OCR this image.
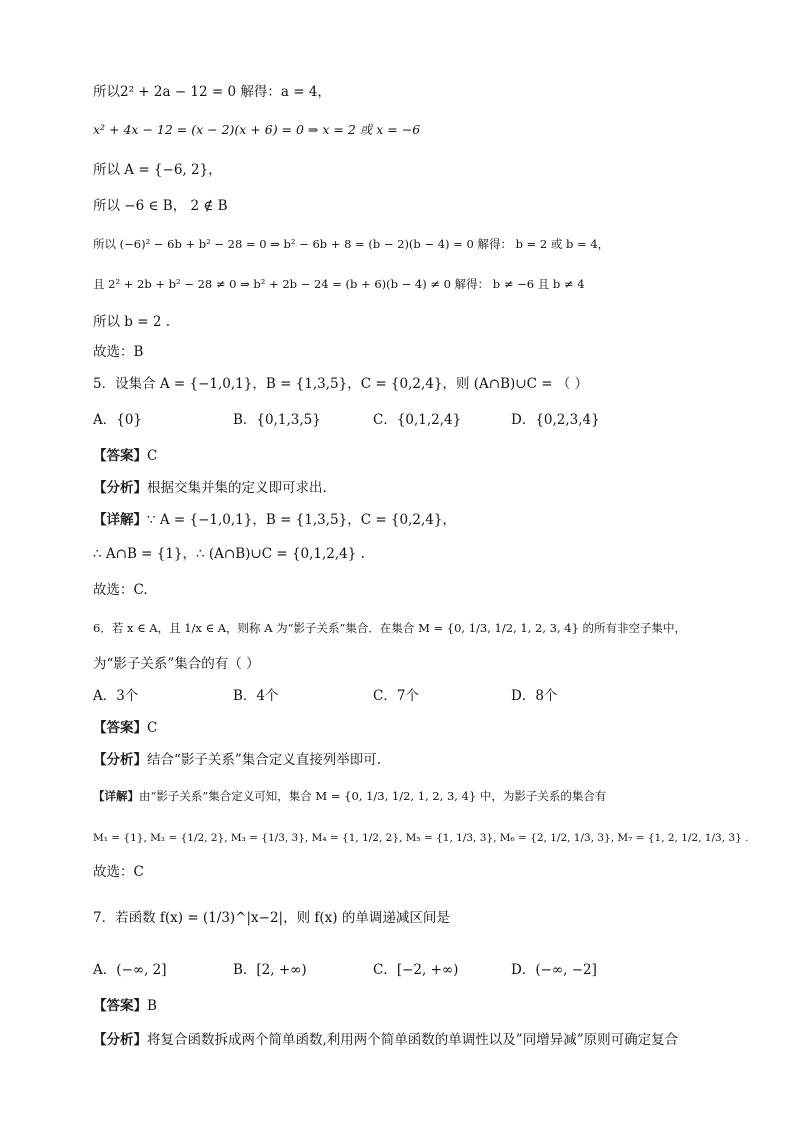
所以2² + 2a − 12 = 0 解得：a = 4，
x² + 4x − 12 = (x − 2)(x + 6) = 0 ⇒ x = 2 或 x = −6
所以 A = {−6, 2}，
所以 −6 ∈ B， 2 ∉ B
所以 (−6)² − 6b + b² − 28 = 0 ⇒ b² − 6b + 8 = (b − 2)(b − 4) = 0 解得： b = 2 或 b = 4，
且 2² + 2b + b² − 28 ≠ 0 ⇒ b² + 2b − 24 = (b + 6)(b − 4) ≠ 0 解得： b ≠ −6 且 b ≠ 4
所以 b = 2 .
故选：B
5．设集合 A = {−1,0,1}，B = {1,3,5}，C = {0,2,4}，则 (A∩B)∪C = （ ）
A．{0}	B．{0,1,3,5}	C．{0,1,2,4}	D．{0,2,3,4}
【答案】C
【分析】根据交集并集的定义即可求出.
【详解】∵ A = {−1,0,1}，B = {1,3,5}，C = {0,2,4}，
∴ A∩B = {1}，∴ (A∩B)∪C = {0,1,2,4} .
故选：C.
6．若 x ∈ A，且 1/x ∈ A，则称 A 为“影子关系”集合．在集合 M = {0, 1/3, 1/2, 1, 2, 3, 4} 的所有非空子集中，
为“影子关系”集合的有（ ）
A．3个	B．4个	C．7个	D．8个
【答案】C
【分析】结合“影子关系”集合定义直接列举即可.
【详解】由“影子关系”集合定义可知，集合 M = {0, 1/3, 1/2, 1, 2, 3, 4} 中，为影子关系的集合有
M₁ = {1}, M₂ = {1/2, 2}, M₃ = {1/3, 3}, M₄ = {1, 1/2, 2}, M₅ = {1, 1/3, 3}, M₆ = {2, 1/2, 1/3, 3}, M₇ = {1, 2, 1/2, 1/3, 3} .
故选：C
7．若函数 f(x) = (1/3)^|x−2|，则 f(x) 的单调递减区间是
A．(−∞, 2]	B．[2, +∞)	C．[−2, +∞)	D．(−∞, −2]
【答案】B
【分析】将复合函数拆成两个简单函数,利用两个简单函数的单调性以及”同增异减”原则可确定复合
